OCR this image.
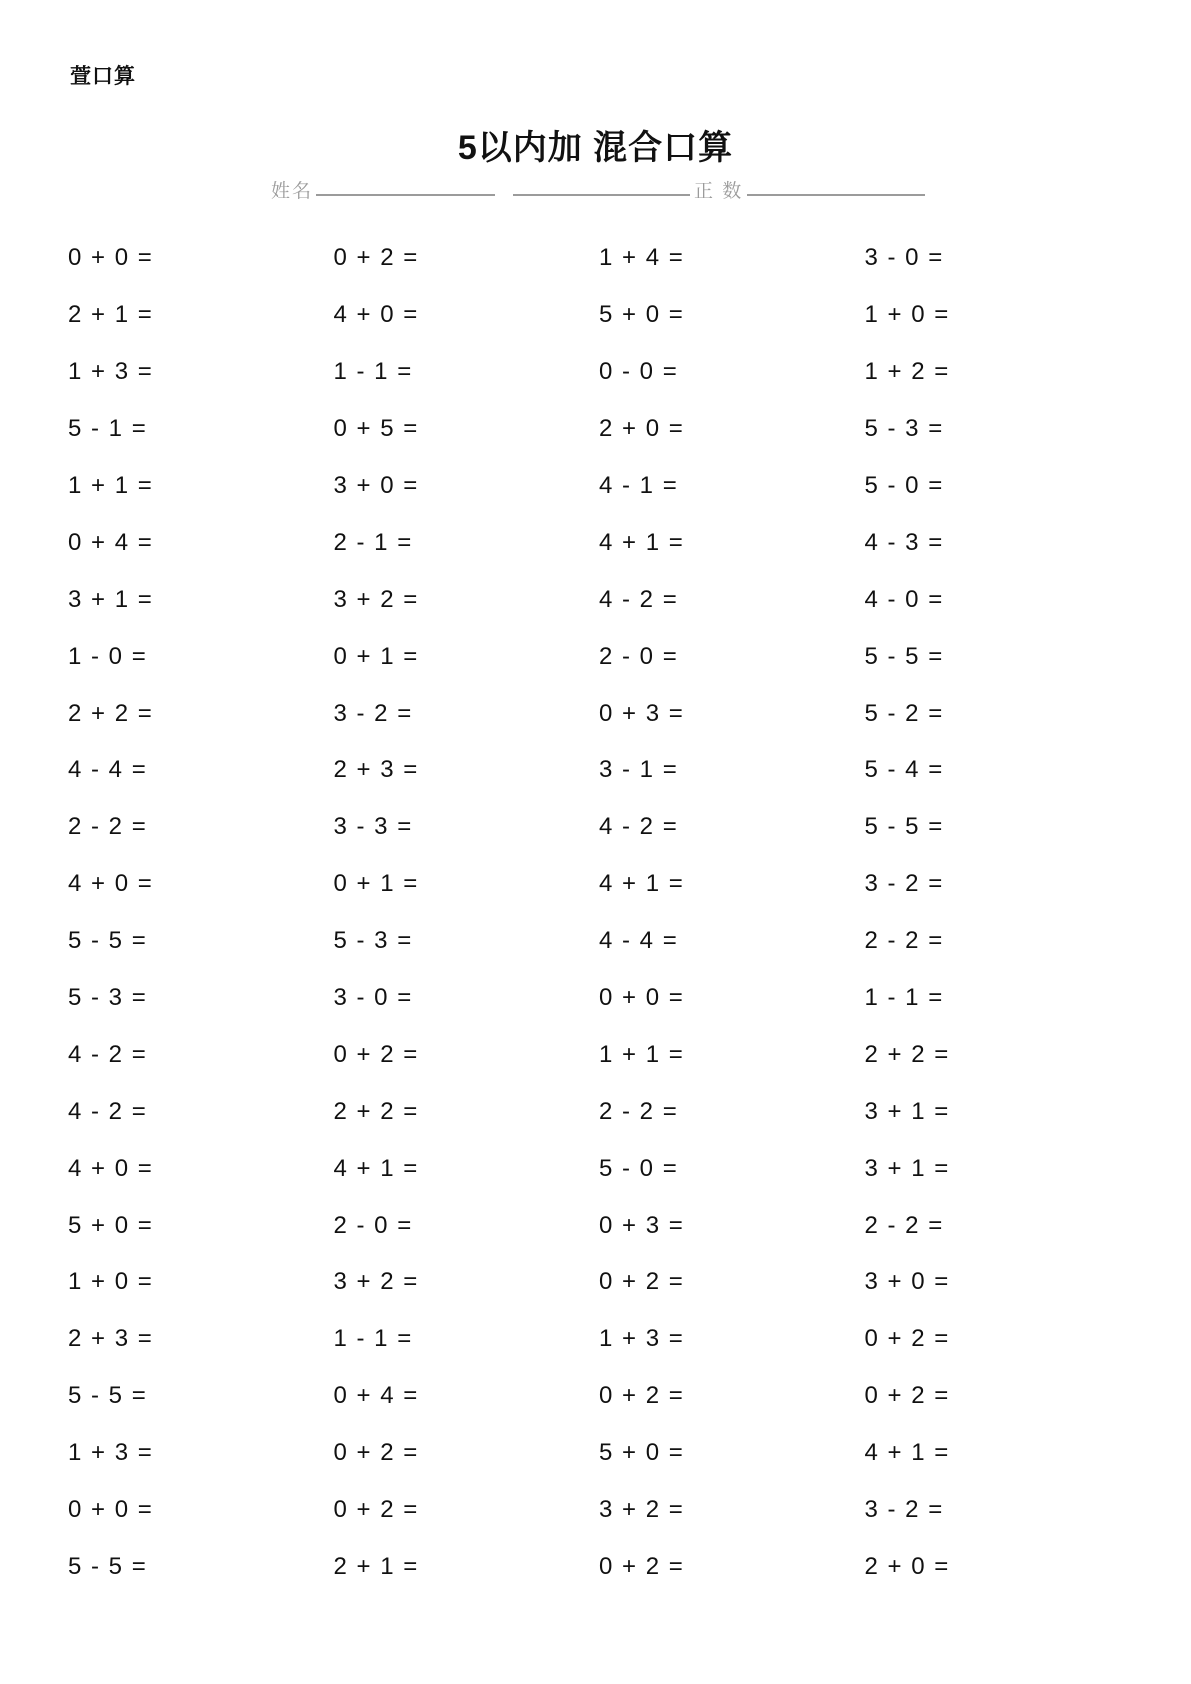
萱口算
5以内加 混合口算
姓名	正 数
0 + 0 =	0 + 2 =	1 + 4 =	3 - 0 =
2 + 1 =	4 + 0 =	5 + 0 =	1 + 0 =
1 + 3 =	1 - 1 =	0 - 0 =	1 + 2 =
5 - 1 =	0 + 5 =	2 + 0 =	5 - 3 =
1 + 1 =	3 + 0 =	4 - 1 =	5 - 0 =
0 + 4 =	2 - 1 =	4 + 1 =	4 - 3 =
3 + 1 =	3 + 2 =	4 - 2 =	4 - 0 =
1 - 0 =	0 + 1 =	2 - 0 =	5 - 5 =
2 + 2 =	3 - 2 =	0 + 3 =	5 - 2 =
4 - 4 =	2 + 3 =	3 - 1 =	5 - 4 =
2 - 2 =	3 - 3 =	4 - 2 =	5 - 5 =
4 + 0 =	0 + 1 =	4 + 1 =	3 - 2 =
5 - 5 =	5 - 3 =	4 - 4 =	2 - 2 =
5 - 3 =	3 - 0 =	0 + 0 =	1 - 1 =
4 - 2 =	0 + 2 =	1 + 1 =	2 + 2 =
4 - 2 =	2 + 2 =	2 - 2 =	3 + 1 =
4 + 0 =	4 + 1 =	5 - 0 =	3 + 1 =
5 + 0 =	2 - 0 =	0 + 3 =	2 - 2 =
1 + 0 =	3 + 2 =	0 + 2 =	3 + 0 =
2 + 3 =	1 - 1 =	1 + 3 =	0 + 2 =
5 - 5 =	0 + 4 =	0 + 2 =	0 + 2 =
1 + 3 =	0 + 2 =	5 + 0 =	4 + 1 =
0 + 0 =	0 + 2 =	3 + 2 =	3 - 2 =
5 - 5 =	2 + 1 =	0 + 2 =	2 + 0 =
